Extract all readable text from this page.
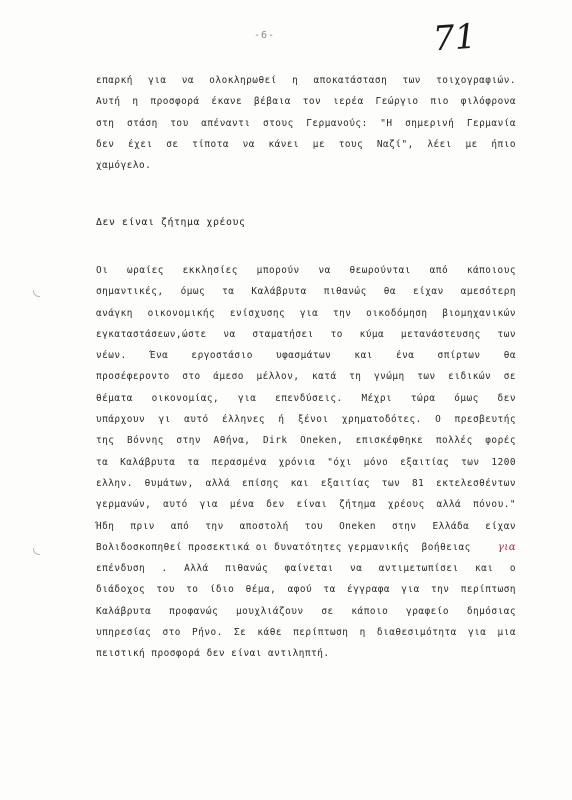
-6-	71
επαρκή για να ολοκληρωθεί η αποκατάσταση των τοιχογραφιών.
Αυτή η προσφορά έκανε βέβαια τον ιερέα Γεώργιο πιο φιλόφρονα
στη στάση του απέναντι στους Γερμανούς: "Η σημερινή Γερμανία
δεν έχει σε τίποτα να κάνει με τους Ναζί", λέει με ήπιο
χαμόγελο.
Δεν είναι ζήτημα χρέους
Οι ωραίες εκκλησίες μπορούν να θεωρούνται από κάποιους
σημαντικές, όμως τα Καλάβρυτα πιθανώς θα είχαν αμεσότερη
ανάγκη οικονομικής ενίσχυσης για την οικοδόμηση βιομηχανικών
εγκαταστάσεων,ώστε να σταματήσει το κύμα μετανάστευσης των
νέων. Ένα εργοστάσιο υφασμάτων και ένα σπίρτων θα
προσέφεροντο στο άμεσο μέλλον, κατά τη γνώμη των ειδικών σε
θέματα οικονομίας, για επενδύσεις. Μέχρι τώρα όμως δεν
υπάρχουν γι αυτό έλληνες ή ξένοι χρηματοδότες. Ο πρεσβευτής
της Βόννης στην Αθήνα, Dirk Oneken, επισκέφθηκε πολλές φορές
τα Καλάβρυτα τα περασμένα χρόνια "όχι μόνο εξαιτίας των 1200
ελλην. θυμάτων, αλλά επίσης και εξαιτίας των 81 εκτελεσθέντων
γερμανών, αυτό για μένα δεν είναι ζήτημα χρέους αλλά πόνου."
Ήδη πριν από την αποστολή του Oneken στην Ελλάδα είχαν
Βολιδοσκοπηθεί προσεκτικά οι δυνατότητες γερμανικής  βοήθειας	για
επένδυση . Αλλά πιθανώς φαίνεται να αντιμετωπίσει και ο
διάδοχος του το ίδιο θέμα, αφού τα έγγραφα για την περίπτωση
Καλάβρυτα προφανώς μουχλιάζουν σε κάποιο γραφείο δημόσιας
υπηρεσίας στο Ρήνο. Σε κάθε περίπτωση η διαθεσιμότητα για μια
πειστική προσφορά δεν είναι αντιληπτή.
